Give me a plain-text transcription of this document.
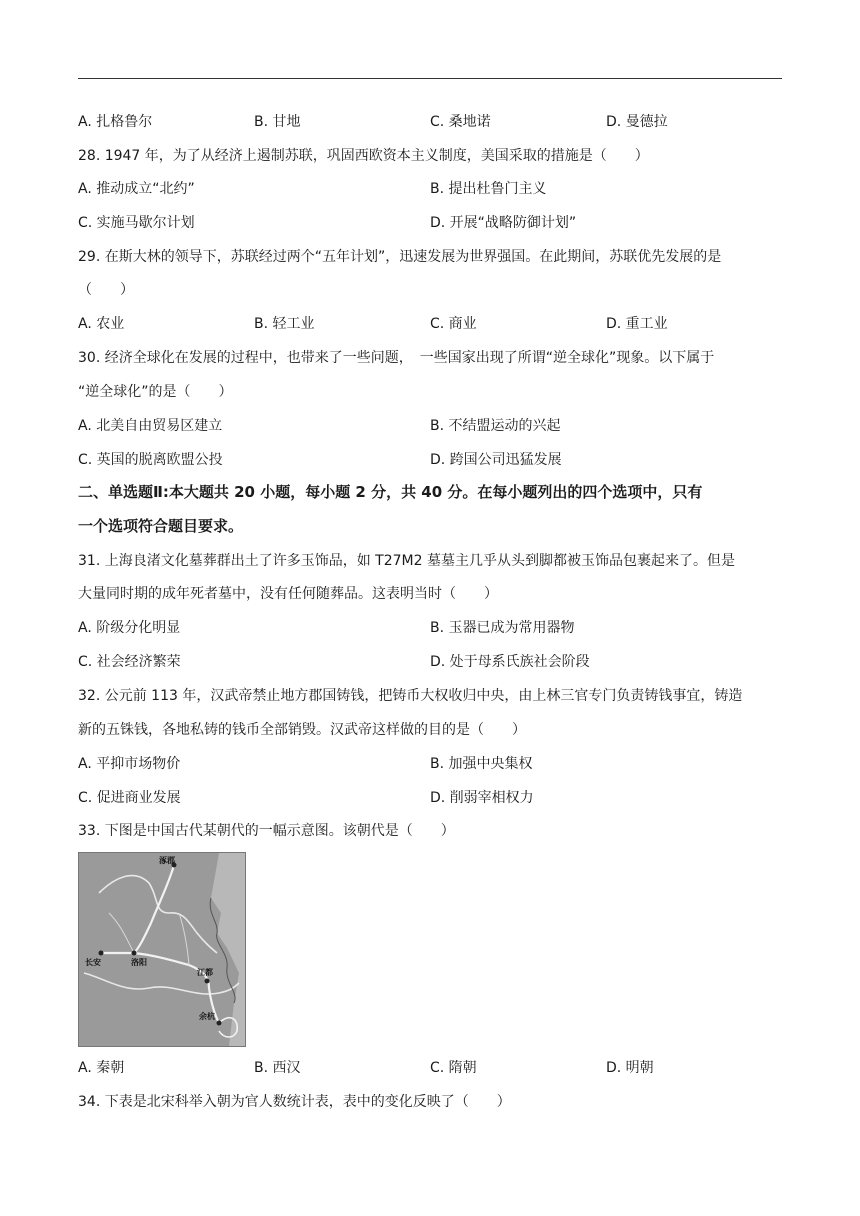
A. 扎格鲁尔	B. 甘地	C. 桑地诺	D. 曼德拉
28. 1947 年，为了从经济上遏制苏联，巩固西欧资本主义制度，美国采取的措施是（　　）
A. 推动成立“北约”	B. 提出杜鲁门主义
C. 实施马歇尔计划	D. 开展“战略防御计划”
29. 在斯大林的领导下，苏联经过两个“五年计划”，迅速发展为世界强国。在此期间，苏联优先发展的是
（　　）
A. 农业	B. 轻工业	C. 商业	D. 重工业
30. 经济全球化在发展的过程中，也带来了一些问题，　一些国家出现了所谓“逆全球化”现象。以下属于
“逆全球化”的是（　　）
A. 北美自由贸易区建立	B. 不结盟运动的兴起
C. 英国的脱离欧盟公投	D. 跨国公司迅猛发展
二、单选题Ⅱ:本大题共 20 小题，每小题 2 分，共 40 分。在每小题列出的四个选项中，只有
一个选项符合题目要求。
31. 上海良渚文化墓葬群出土了许多玉饰品，如 T27M2 墓墓主几乎从头到脚都被玉饰品包裹起来了。但是
大量同时期的成年死者墓中，没有任何随葬品。这表明当时（　　）
A. 阶级分化明显	B. 玉器已成为常用器物
C. 社会经济繁荣	D. 处于母系氏族社会阶段
32. 公元前 113 年，汉武帝禁止地方郡国铸钱，把铸币大权收归中央，由上林三官专门负责铸钱事宜，铸造
新的五铢钱，各地私铸的钱币全部销毁。汉武帝这样做的目的是（　　）
A. 平抑市场物价	B. 加强中央集权
C. 促进商业发展	D. 削弱宰相权力
33. 下图是中国古代某朝代的一幅示意图。该朝代是（　　）
涿郡
长安	洛阳
江都
余杭
A. 秦朝	B. 西汉	C. 隋朝	D. 明朝
34. 下表是北宋科举入朝为官人数统计表，表中的变化反映了（　　）
